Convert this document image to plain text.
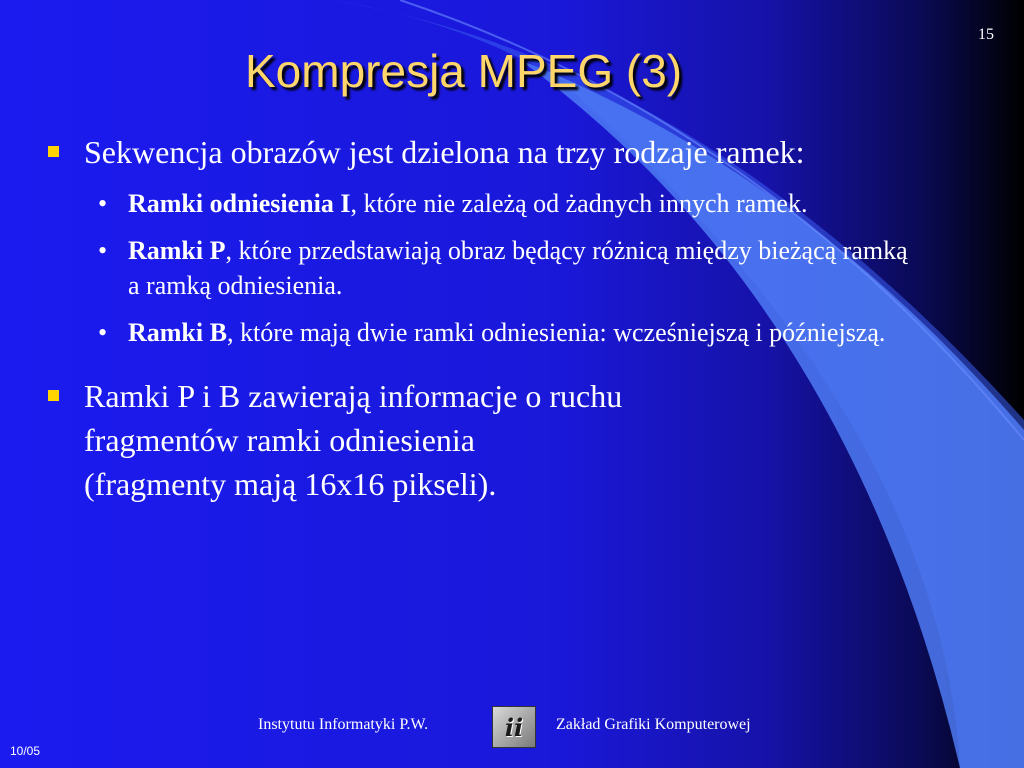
15
Kompresja MPEG (3)
Sekwencja obrazów jest dzielona na trzy rodzaje ramek:
• Ramki odniesienia I, które nie zależą od żadnych innych ramek.
• Ramki P, które przedstawiają obraz będący różnicą między bieżącą ramką a ramką odniesienia.
• Ramki B, które mają dwie ramki odniesienia: wcześniejszą i późniejszą.
Ramki P i B zawierają informacje o ruchu
fragmentów ramki odniesienia
(fragmenty mają 16x16 pikseli).
Instytutu Informatyki P.W.	ii Zakład Grafiki Komputerowej
10/05
